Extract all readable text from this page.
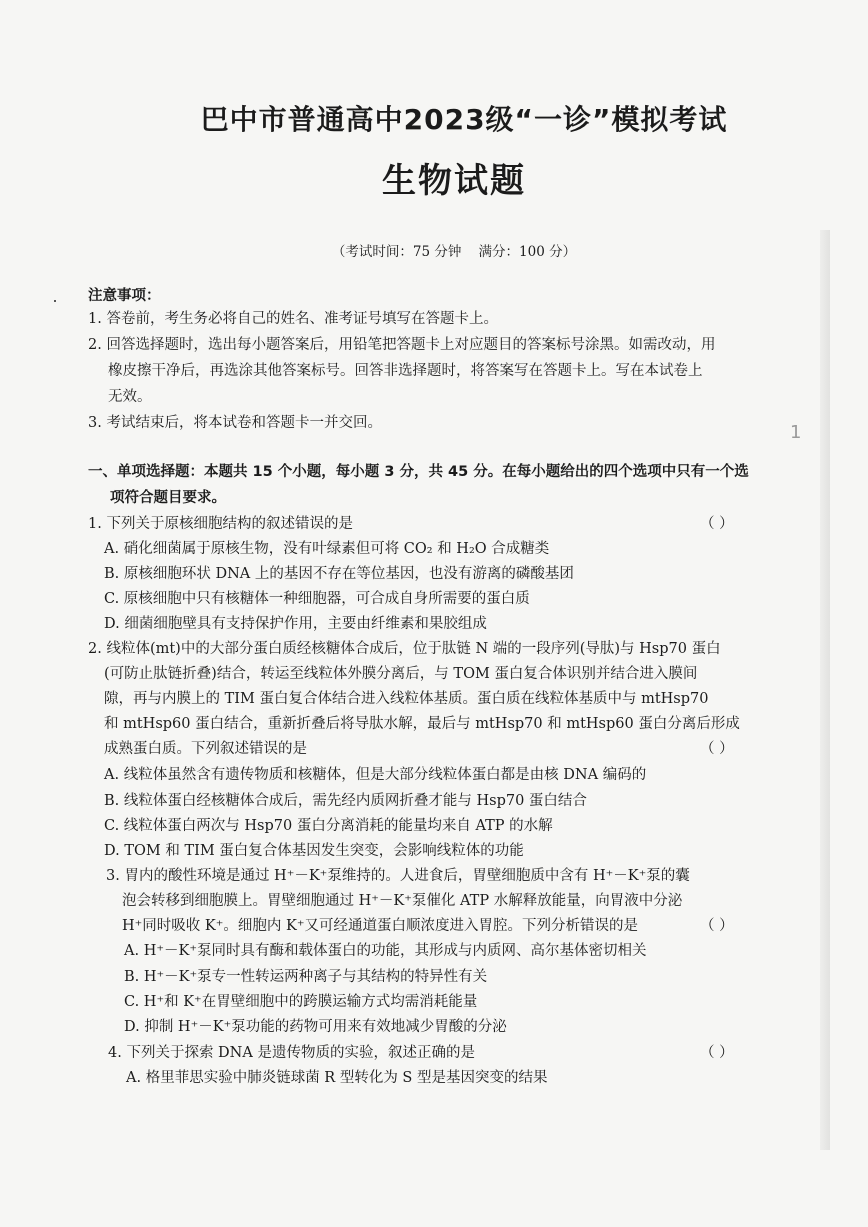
巴中市普通高中2023级“一诊”模拟考试
生物试题
（考试时间：75 分钟    满分：100 分）
注意事项：
1. 答卷前，考生务必将自己的姓名、准考证号填写在答题卡上。
2. 回答选择题时，选出每小题答案后，用铅笔把答题卡上对应题目的答案标号涂黑。如需改动，用
橡皮擦干净后，再选涂其他答案标号。回答非选择题时，将答案写在答题卡上。写在本试卷上
无效。
3. 考试结束后，将本试卷和答题卡一并交回。	1
一、单项选择题：本题共 15 个小题，每小题 3 分，共 45 分。在每小题给出的四个选项中只有一个选
项符合题目要求。
1. 下列关于原核细胞结构的叙述错误的是	（ ）
A. 硝化细菌属于原核生物，没有叶绿素但可将 CO₂ 和 H₂O 合成糖类
B. 原核细胞环状 DNA 上的基因不存在等位基因，也没有游离的磷酸基团
C. 原核细胞中只有核糖体一种细胞器，可合成自身所需要的蛋白质
D. 细菌细胞壁具有支持保护作用，主要由纤维素和果胶组成
2. 线粒体(mt)中的大部分蛋白质经核糖体合成后，位于肽链 N 端的一段序列(导肽)与 Hsp70 蛋白
(可防止肽链折叠)结合，转运至线粒体外膜分离后，与 TOM 蛋白复合体识别并结合进入膜间
隙，再与内膜上的 TIM 蛋白复合体结合进入线粒体基质。蛋白质在线粒体基质中与 mtHsp70
和 mtHsp60 蛋白结合，重新折叠后将导肽水解，最后与 mtHsp70 和 mtHsp60 蛋白分离后形成
成熟蛋白质。下列叙述错误的是	（ ）
A. 线粒体虽然含有遗传物质和核糖体，但是大部分线粒体蛋白都是由核 DNA 编码的
B. 线粒体蛋白经核糖体合成后，需先经内质网折叠才能与 Hsp70 蛋白结合
C. 线粒体蛋白两次与 Hsp70 蛋白分离消耗的能量均来自 ATP 的水解
D. TOM 和 TIM 蛋白复合体基因发生突变，会影响线粒体的功能
3. 胃内的酸性环境是通过 H⁺－K⁺泵维持的。人进食后，胃壁细胞质中含有 H⁺－K⁺泵的囊
泡会转移到细胞膜上。胃壁细胞通过 H⁺－K⁺泵催化 ATP 水解释放能量，向胃液中分泌
H⁺同时吸收 K⁺。细胞内 K⁺又可经通道蛋白顺浓度进入胃腔。下列分析错误的是	（ ）
A. H⁺－K⁺泵同时具有酶和载体蛋白的功能，其形成与内质网、高尔基体密切相关
B. H⁺－K⁺泵专一性转运两种离子与其结构的特异性有关
C. H⁺和 K⁺在胃壁细胞中的跨膜运输方式均需消耗能量
D. 抑制 H⁺－K⁺泵功能的药物可用来有效地减少胃酸的分泌
4. 下列关于探索 DNA 是遗传物质的实验，叙述正确的是	（ ）
A. 格里菲思实验中肺炎链球菌 R 型转化为 S 型是基因突变的结果
